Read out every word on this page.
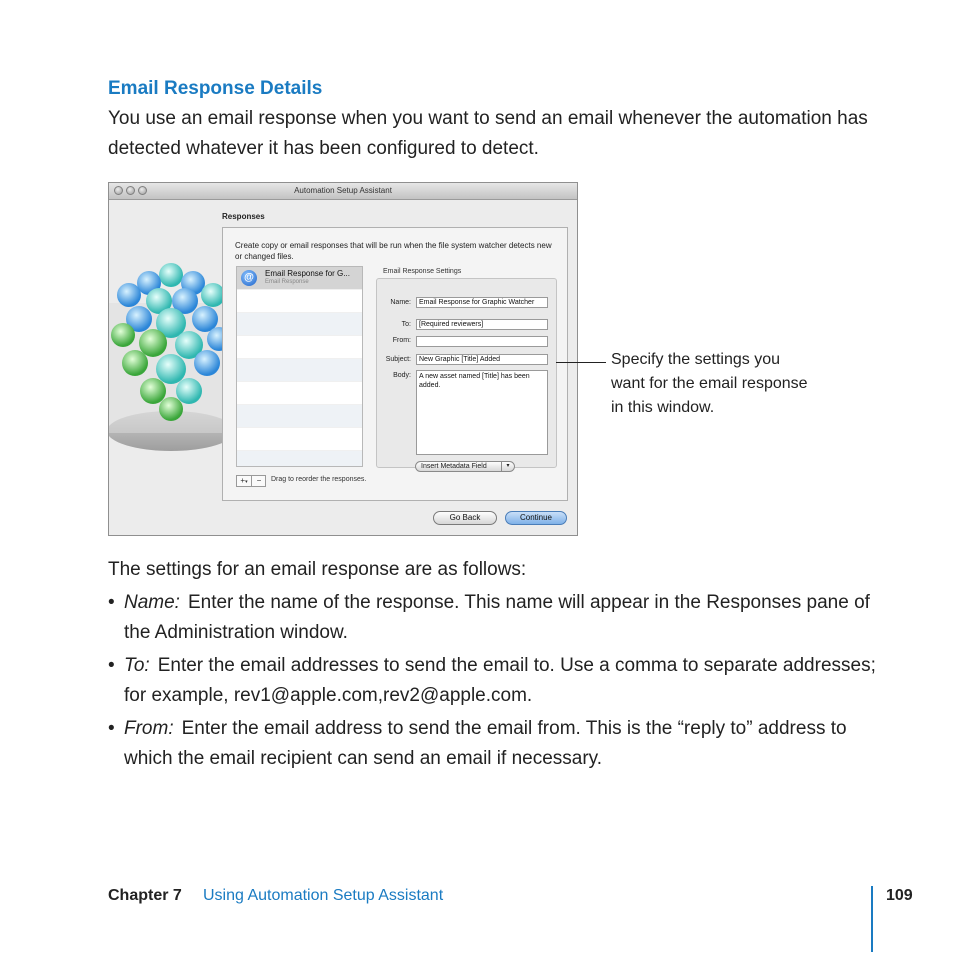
Email Response Details
You use an email response when you want to send an email whenever the automation has detected whatever it has been configured to detect.
Automation Setup Assistant
Responses
Create copy or email responses that will be run when the file system watcher detects new or changed files.
@	Email Response for G...
Email Response
+▾	−	Drag to reorder the responses.
Email Response Settings
Name:	Email Response for Graphic Watcher
To:	[Required reviewers]
From:
Subject:	New Graphic [Title] Added
Body:	A new asset named [Title] has been added.
Insert Metadata Field	▾
Go Back	Continue
Specify the settings you want for the email response in this window.
The settings for an email response are as follows:
• Name: Enter the name of the response. This name will appear in the Responses pane of the Administration window.
• To: Enter the email addresses to send the email to. Use a comma to separate addresses; for example, rev1@apple.com,rev2@apple.com.
• From: Enter the email address to send the email from. This is the “reply to” address to which the email recipient can send an email if necessary.
Chapter 7 Using Automation Setup Assistant	109
